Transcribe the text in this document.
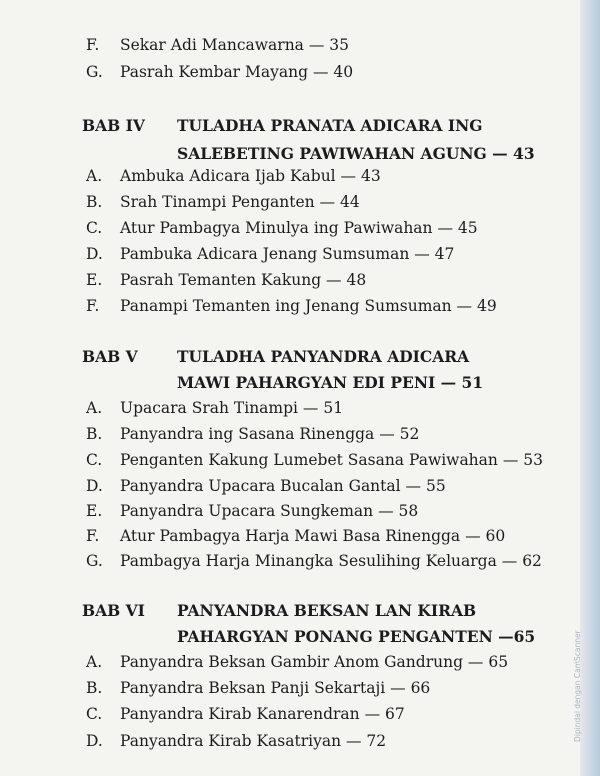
F. Sekar Adi Mancawarna — 35
G. Pasrah Kembar Mayang — 40
BAB IV TULADHA PRANATA ADICARA ING
SALEBETING PAWIWAHAN AGUNG — 43
A. Ambuka Adicara Ijab Kabul — 43
B. Srah Tinampi Penganten — 44
C. Atur Pambagya Minulya ing Pawiwahan — 45
D. Pambuka Adicara Jenang Sumsuman — 47
E. Pasrah Temanten Kakung — 48
F. Panampi Temanten ing Jenang Sumsuman — 49
BAB V	TULADHA PANYANDRA ADICARA
MAWI PAHARGYAN EDI PENI — 51
A. Upacara Srah Tinampi — 51
B. Panyandra ing Sasana Rinengga — 52
C. Penganten Kakung Lumebet Sasana Pawiwahan — 53
D. Panyandra Upacara Bucalan Gantal — 55
E. Panyandra Upacara Sungkeman — 58
F. Atur Pambagya Harja Mawi Basa Rinengga — 60
G. Pambagya Harja Minangka Sesulihing Keluarga — 62
BAB VI PANYANDRA BEKSAN LAN KIRAB
PAHARGYAN PONANG PENGANTEN —65
A. Panyandra Beksan Gambir Anom Gandrung — 65
B. Panyandra Beksan Panji Sekartaji — 66
C. Panyandra Kirab Kanarendran — 67
D. Panyandra Kirab Kasatriyan — 72	Dipindai dengan CamScanner
